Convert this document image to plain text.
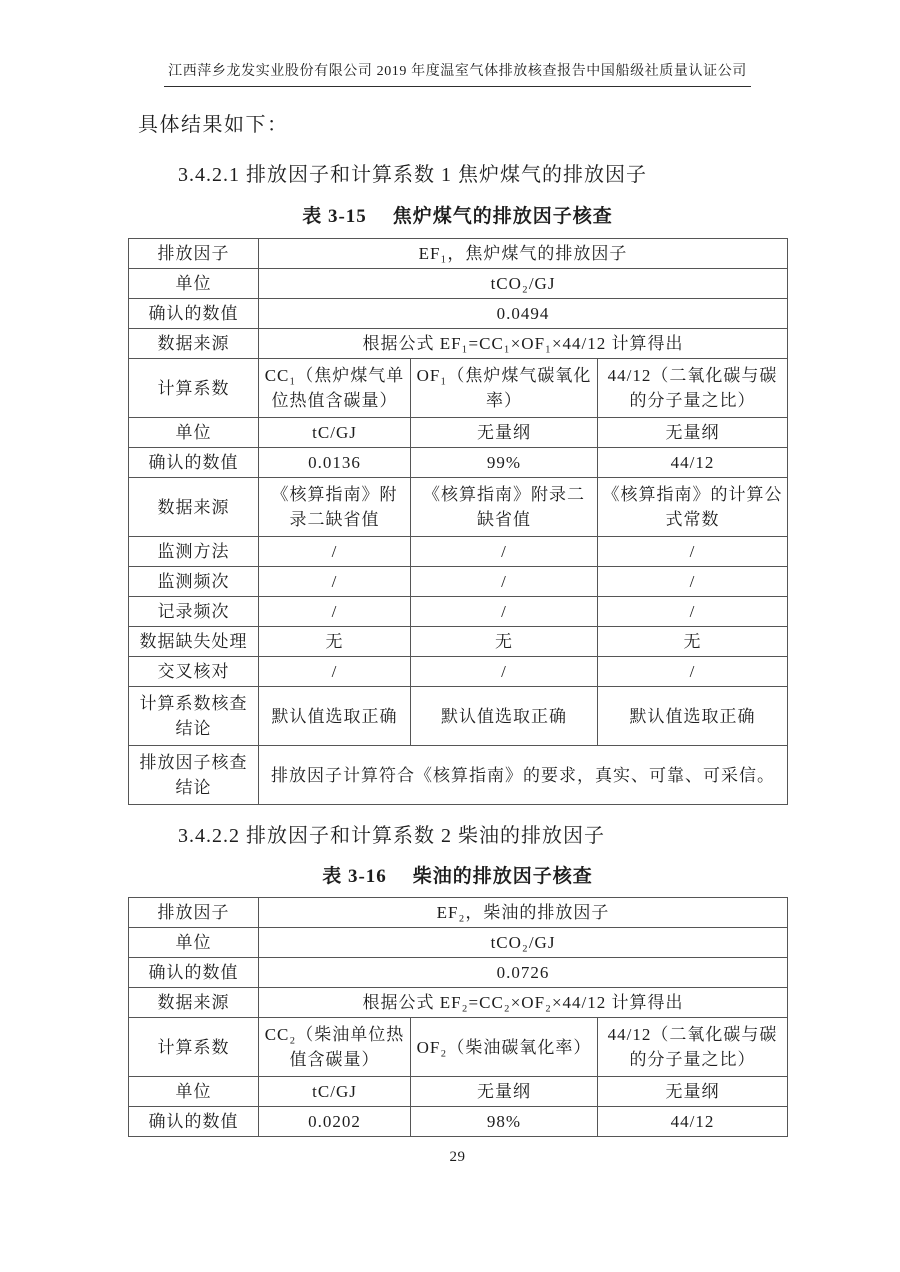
江西萍乡龙发实业股份有限公司 2019 年度温室气体排放核查报告中国船级社质量认证公司
具体结果如下：
3.4.2.1 排放因子和计算系数 1 焦炉煤气的排放因子
表 3-15 焦炉煤气的排放因子核查
排放因子	EF₁，焦炉煤气的排放因子		
单位	tCO₂/GJ		
确认的数值	0.0494		
数据来源	根据公式 EF₁=CC₁×OF₁×44/12 计算得出		
计算系数	CC₁（焦炉煤气单位热值含碳量）	OF₁（焦炉煤气碳氧化率）	44/12（二氧化碳与碳的分子量之比）
单位	tC/GJ	无量纲	无量纲
确认的数值	0.0136	99%	44/12
数据来源	《核算指南》附录二缺省值	《核算指南》附录二缺省值	《核算指南》的计算公式常数
监测方法	/	/	/
监测频次	/	/	/
记录频次	/	/	/
数据缺失处理	无	无	无
交叉核对	/	/	/
计算系数核查结论	默认值选取正确	默认值选取正确	默认值选取正确
排放因子核查结论	排放因子计算符合《核算指南》的要求，真实、可靠、可采信。		
3.4.2.2 排放因子和计算系数 2 柴油的排放因子
表 3-16 柴油的排放因子核查
排放因子	EF₂，柴油的排放因子		
单位	tCO₂/GJ		
确认的数值	0.0726		
数据来源	根据公式 EF₂=CC₂×OF₂×44/12 计算得出		
计算系数	CC₂（柴油单位热值含碳量）	OF₂（柴油碳氧化率）	44/12（二氧化碳与碳的分子量之比）
单位	tC/GJ	无量纲	无量纲
确认的数值	0.0202	98%	44/12
29
